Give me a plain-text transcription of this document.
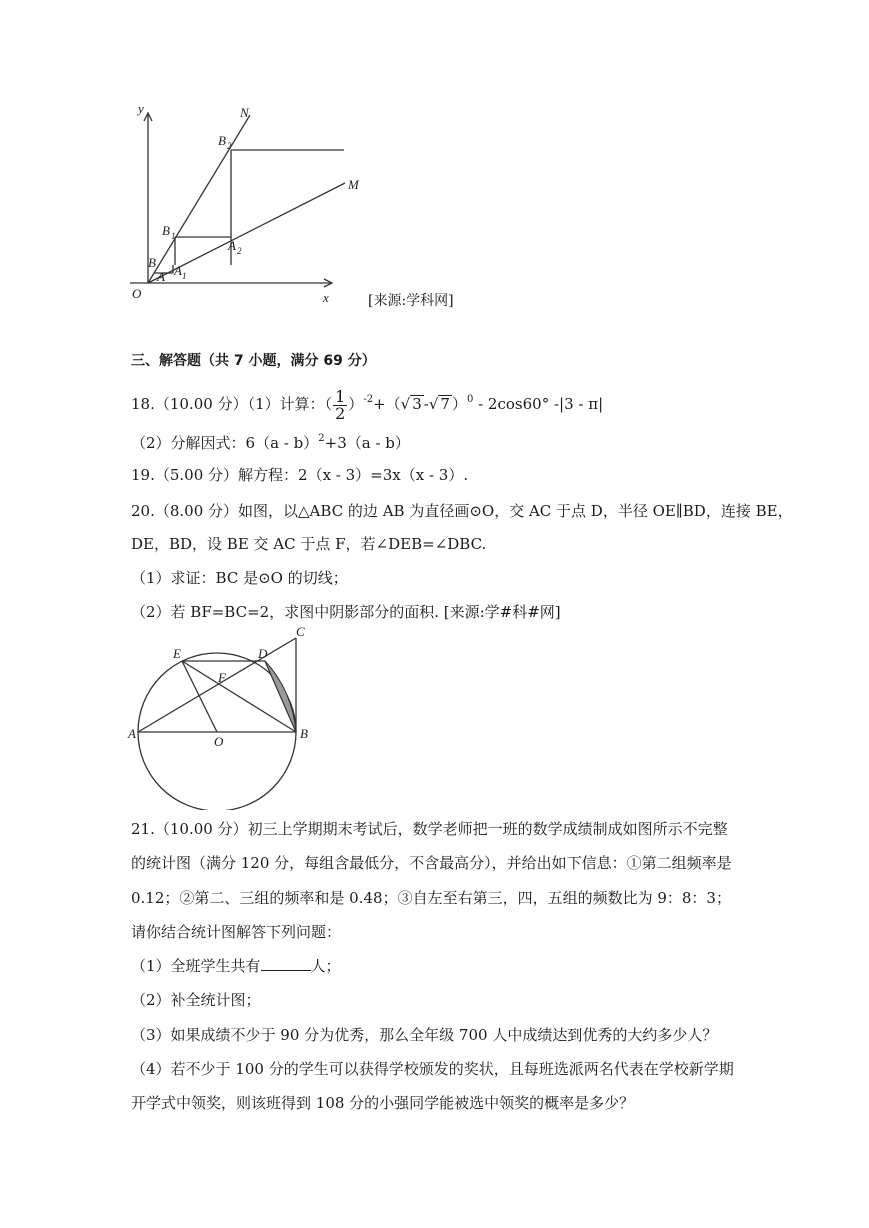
y
x
O
N
M
B 2
B 1
A 2
B
A A 1
[来源:学科网]
三、解答题（共 7 小题，满分 69 分）
18.（10.00 分）（1）计算：（ $\frac{1}{2} )^{-2}+(√$ 3 -√ 7 ）$^0$ - 2cos60° -|3 - π|
（2）分解因式：6（a - b）$^2$+3（a - b）
19.（5.00 分）解方程：2（x - 3）=3x（x - 3）.
20.（8.00 分）如图，以△ABC 的边 AB 为直径画⊙O，交 AC 于点 D，半径 OE∥BD，连接 BE，
DE，BD，设 BE 交 AC 于点 F，若∠DEB=∠DBC.
（1）求证：BC 是⊙O 的切线；
（2）若 BF=BC=2，求图中阴影部分的面积. [来源:学#科#网]
E	D
C
F
A
O
B
21.（10.00 分）初三上学期期末考试后，数学老师把一班的数学成绩制成如图所示不完整
的统计图（满分 120 分，每组含最低分，不含最高分），并给出如下信息：①第二组频率是
0.12；②第二、三组的频率和是 0.48；③自左至右第三，四，五组的频数比为 9：8：3；
请你结合统计图解答下列问题：
（1）全班学生共有	人；
（2）补全统计图；
（3）如果成绩不少于 90 分为优秀，那么全年级 700 人中成绩达到优秀的大约多少人？
（4）若不少于 100 分的学生可以获得学校颁发的奖状，且每班选派两名代表在学校新学期
开学式中领奖，则该班得到 108 分的小强同学能被选中领奖的概率是多少？
